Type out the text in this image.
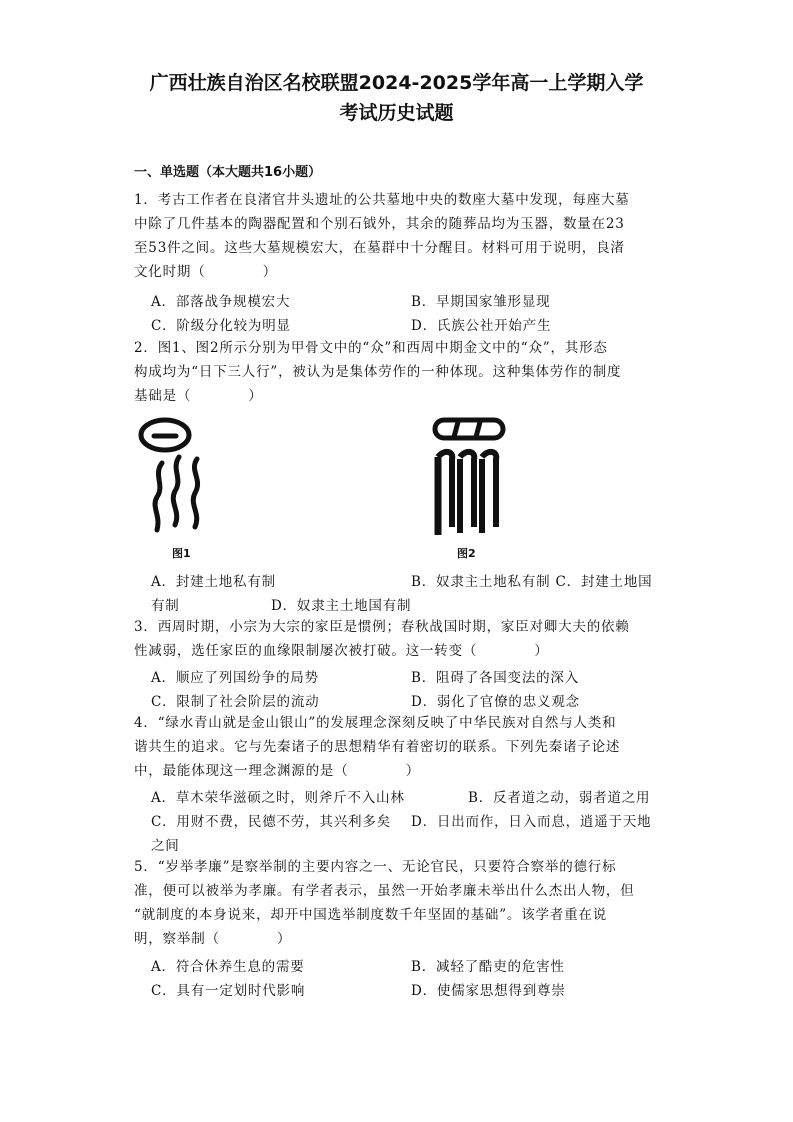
广西壮族自治区名校联盟2024-2025学年高一上学期入学
考试历史试题
一、单选题（本大题共16小题）
1．考古工作者在良渚官井头遗址的公共墓地中央的数座大墓中发现，每座大墓
中除了几件基本的陶器配置和个别石钺外，其余的随葬品均为玉器，数量在23
至53件之间。这些大墓规模宏大，在墓群中十分醒目。材料可用于说明，良渚
文化时期（　　　　）
A．部落战争规模宏大	B．早期国家雏形显现
C．阶级分化较为明显	D．氏族公社开始产生
2．图1、图2所示分别为甲骨文中的“众”和西周中期金文中的“众”，其形态
构成均为“日下三人行”，被认为是集体劳作的一种体现。这种集体劳作的制度
基础是（　　　　）
图1	图2
A．封建土地私有制	B．奴隶主土地私有制 C．封建土地国
有制	D．奴隶主土地国有制
3．西周时期，小宗为大宗的家臣是惯例；春秋战国时期，家臣对卿大夫的依赖
性减弱，选任家臣的血缘限制屡次被打破。这一转变（　　　　）
A．顺应了列国纷争的局势	B．阻碍了各国变法的深入
C．限制了社会阶层的流动	D．弱化了官僚的忠义观念
4．“绿水青山就是金山银山”的发展理念深刻反映了中华民族对自然与人类和
谐共生的追求。它与先秦诸子的思想精华有着密切的联系。下列先秦诸子论述
中，最能体现这一理念渊源的是（　　　　）
A．草木荣华滋硕之时，则斧斤不入山林	B．反者道之动，弱者道之用
C．用财不费，民德不劳，其兴利多矣 D．日出而作，日入而息，逍遥于天地
之间
5．“岁举孝廉”是察举制的主要内容之一、无论官民，只要符合察举的德行标
准，便可以被举为孝廉。有学者表示，虽然一开始孝廉未举出什么杰出人物，但
“就制度的本身说来，却开中国选举制度数千年坚固的基础”。该学者重在说
明，察举制（　　　　）
A．符合休养生息的需要	B．减轻了酷吏的危害性
C．具有一定划时代影响	D．使儒家思想得到尊崇
